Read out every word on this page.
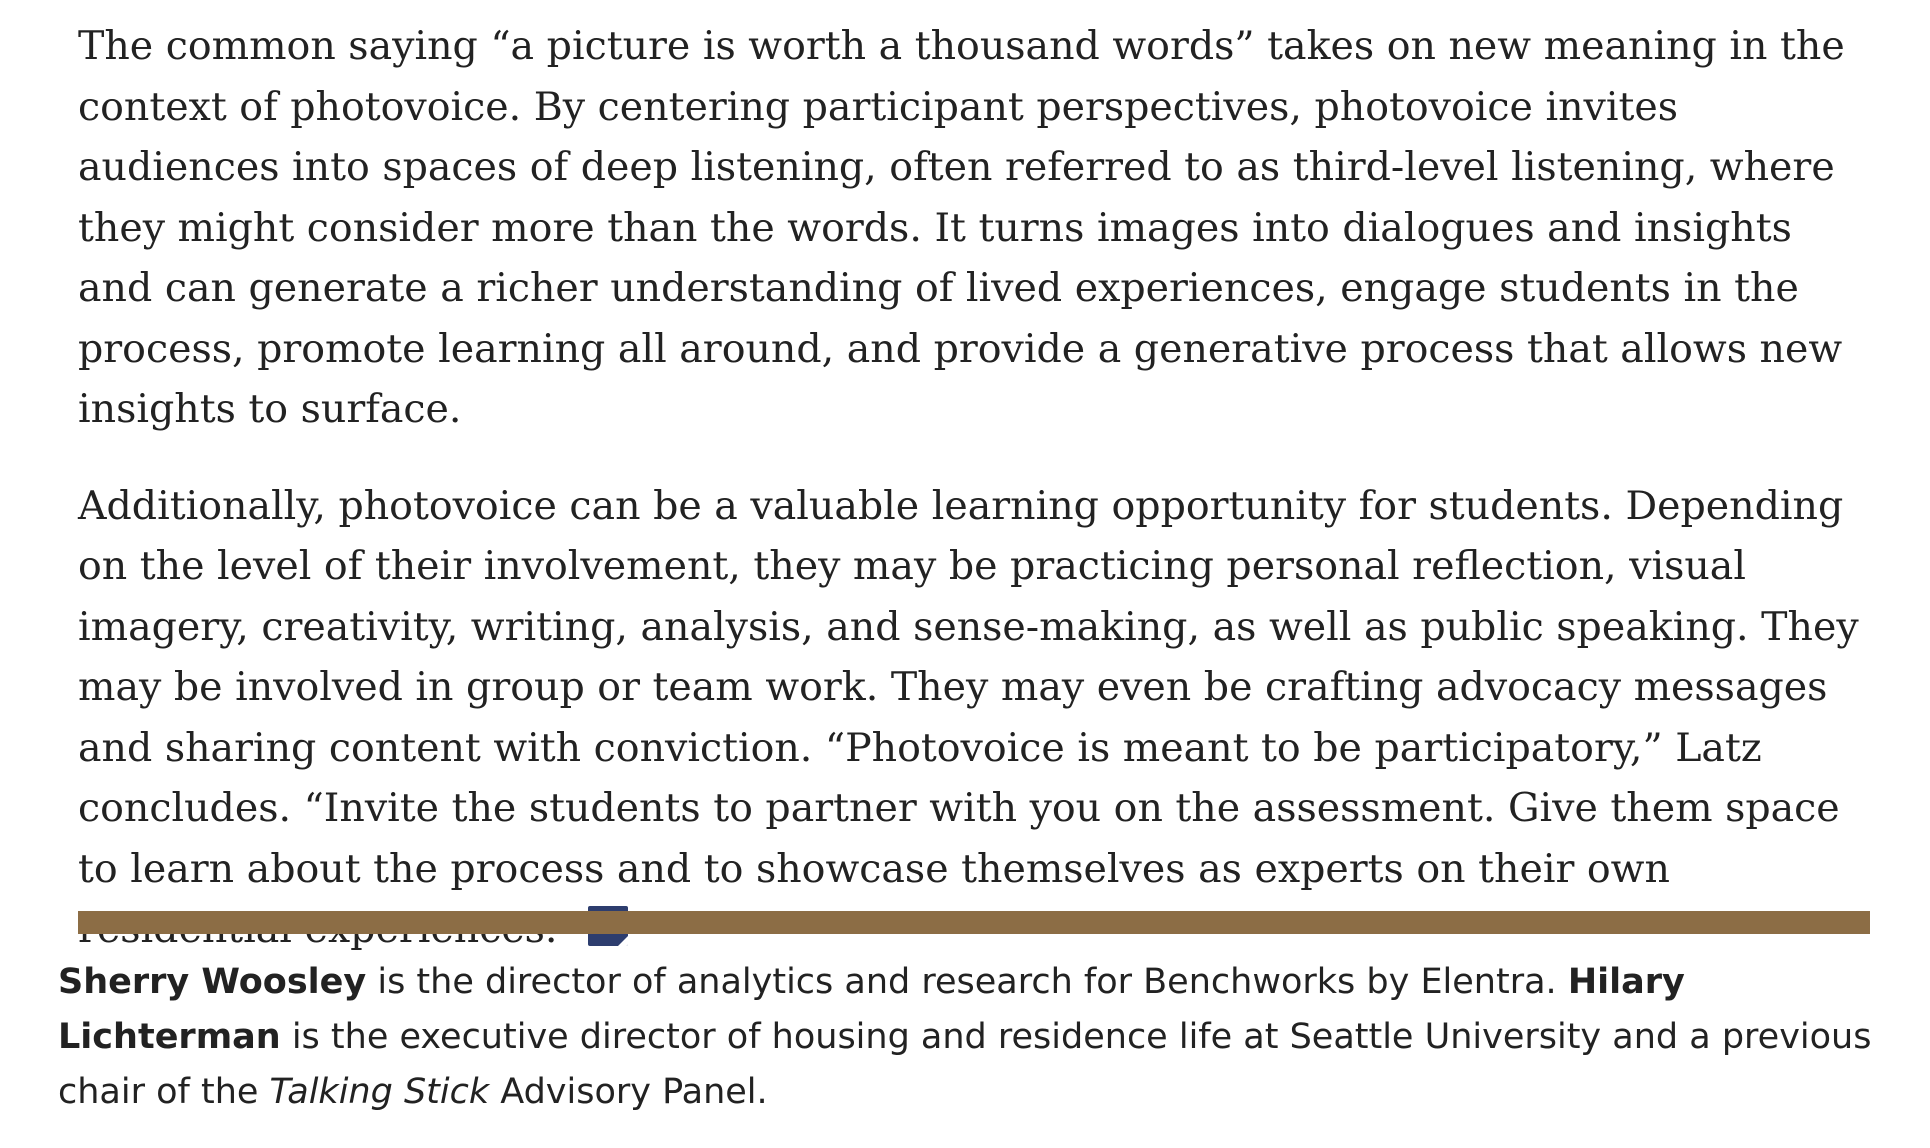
The common saying “a picture is worth a thousand words” takes on new meaning in the context of photovoice. By centering participant perspectives, photovoice invites audiences into spaces of deep listening, often referred to as third-level listening, where they might consider more than the words. It turns images into dialogues and insights and can generate a richer understanding of lived experiences, engage students in the process, promote learning all around, and provide a generative process that allows new insights to surface.

Additionally, photovoice can be a valuable learning opportunity for students. Depending on the level of their involvement, they may be practicing personal reflection, visual imagery, creativity, writing, analysis, and sense-making, as well as public speaking. They may be involved in group or team work. They may even be crafting advocacy messages and sharing content with conviction. “Photovoice is meant to be participatory,” Latz concludes. “Invite the students to partner with you on the assessment. Give them space to learn about the process and to showcase themselves as experts on their own

Sherry Woosley is the director of analytics and research for Benchworks by Elentra. Hilary Lichterman is the executive director of housing and residence life at Seattle University and a previous chair of the Talking Stick Advisory Panel.
